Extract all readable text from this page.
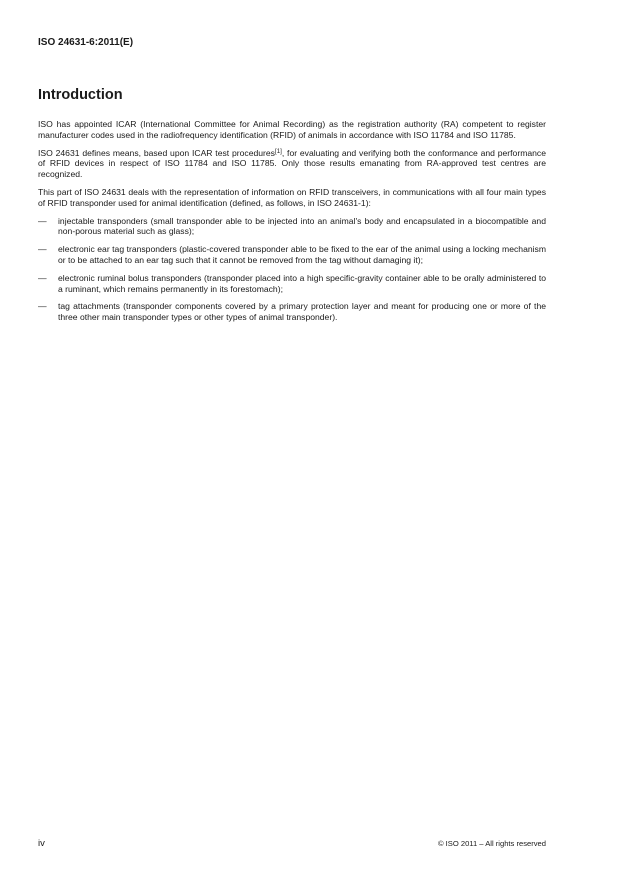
ISO 24631-6:2011(E)

Introduction

ISO has appointed ICAR (International Committee for Animal Recording) as the registration authority (RA) competent to register manufacturer codes used in the radiofrequency identification (RFID) of animals in accordance with ISO 11784 and ISO 11785.

ISO 24631 defines means, based upon ICAR test procedures[1], for evaluating and verifying both the conformance and performance of RFID devices in respect of ISO 11784 and ISO 11785. Only those results emanating from RA-approved test centres are recognized.

This part of ISO 24631 deals with the representation of information on RFID transceivers, in communications with all four main types of RFID transponder used for animal identification (defined, as follows, in ISO 24631-1):

— injectable transponders (small transponder able to be injected into an animal's body and encapsulated in a biocompatible and non-porous material such as glass);
— electronic ear tag transponders (plastic-covered transponder able to be fixed to the ear of the animal using a locking mechanism or to be attached to an ear tag such that it cannot be removed from the tag without damaging it);
— electronic ruminal bolus transponders (transponder placed into a high specific-gravity container able to be orally administered to a ruminant, which remains permanently in its forestomach);
— tag attachments (transponder components covered by a primary protection layer and meant for producing one or more of the three other main transponder types or other types of animal transponder).

iv	© ISO 2011 – All rights reserved
